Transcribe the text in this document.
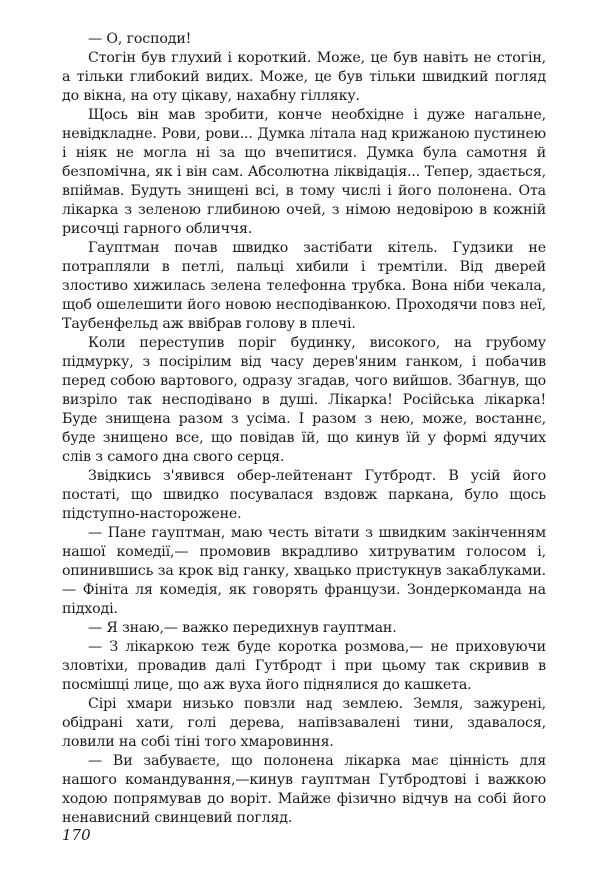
— О, господи!

Стогін був глухий і короткий. Може, це був навіть не стогін, а тільки глибокий видих. Може, це був тільки швидкий погляд до вікна, на оту цікаву, нахабну гілляку.

Щось він мав зробити, конче необхідне і дуже нагальне, невідкладне. Рови, рови... Думка літала над крижаною пустинею і ніяк не могла ні за що вчепитися. Думка була самотня й безпомічна, як і він сам. Абсолютна ліквідація... Тепер, здається, впіймав. Будуть знищені всі, в тому числі і його полонена. Ота лікарка з зеленою глибиною очей, з німою недовірою в кожній рисочці гарного обличчя.

Гауптман почав швидко застібати кітель. Гудзики не потрапляли в петлі, пальці хибили і тремтіли. Від дверей злостиво хижилась зелена телефонна трубка. Вона ніби чекала, щоб ошелешити його новою несподіванкою. Проходячи повз неї, Таубенфельд аж ввібрав голову в плечі.

Коли переступив поріг будинку, високого, на грубому підмурку, з посірілим від часу дерев'яним ганком, і побачив перед собою вартового, одразу згадав, чого вийшов. Збагнув, що визріло так несподівано в душі. Лікарка! Російська лікарка! Буде знищена разом з усіма. І разом з нею, може, востаннє, буде знищено все, що повідав їй, що кинув їй у формі ядучих слів з самого дна свого серця.

Звідкись з'явився обер-лейтенант Гутбродт. В усій його постаті, що швидко посувалася вздовж паркана, було щось підступно-насторожене.

— Пане гауптман, маю честь вітати з швидким закінченням нашої комедії,— промовив вкрадливо хитруватим голосом і, опинившись за крок від ганку, хвацько пристукнув закаблуками.— Фініта ля комедія, як говорять французи. Зондеркоманда на підході.

— Я знаю,— важко передихнув гауптман.

— З лікаркою теж буде коротка розмова,— не приховуючи зловтіхи, провадив далі Гутбродт і при цьому так скривив в посмішці лице, що аж вуха його піднялися до кашкета.

Сірі хмари низько повзли над землею. Земля, зажурені, обідрані хати, голі дерева, напівзавалені тини, здавалося, ловили на собі тіні того хмаровиння.

— Ви забуваєте, що полонена лікарка має цінність для нашого командування,—кинув гауптман Гутбродтові і важкою ходою попрямував до воріт. Майже фізично відчув на собі його ненависний свинцевий погляд.

170
